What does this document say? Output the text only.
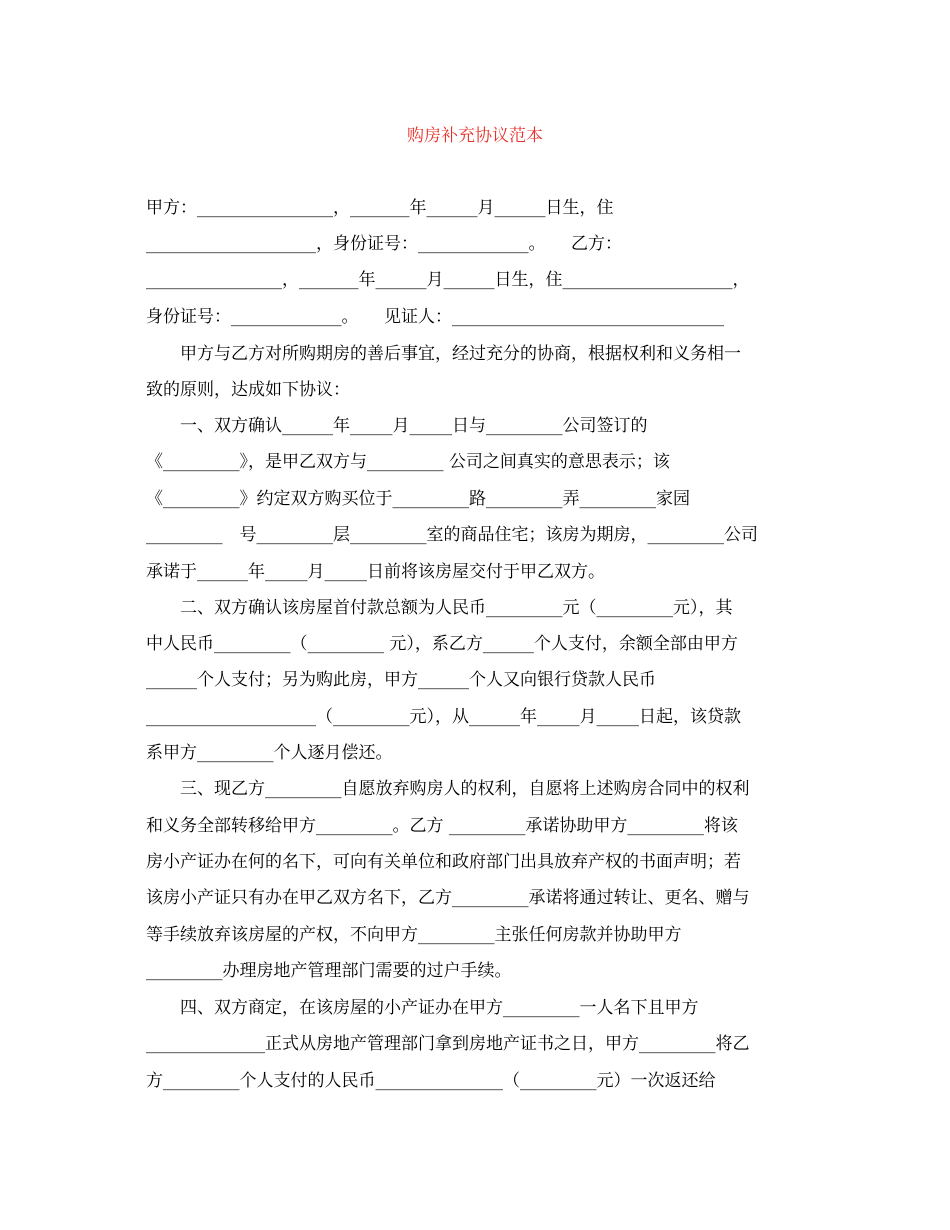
购房补充协议范本
甲方：________________，_______年______月______日生，住
____________________，身份证号：_____________。　　乙方：
________________，_______年______月______日生，住____________________，
身份证号：_____________。　　见证人：________________________________
　　甲方与乙方对所购期房的善后事宜，经过充分的协商，根据权利和义务相一
致的原则，达成如下协议：
　　一、双方确认______年_____月_____日与_________公司签订的
《_________》，是甲乙双方与_________ 公司之间真实的意思表示；该
《_________》约定双方购买位于_________路_________弄_________家园
_________　号_________层_________室的商品住宅；该房为期房，_________公司
承诺于______年_____月_____日前将该房屋交付于甲乙双方。
　　二、双方确认该房屋首付款总额为人民币_________元（_________元），其
中人民币_________（_________ 元），系乙方______个人支付，余额全部由甲方
______个人支付；另为购此房，甲方______个人又向银行贷款人民币
____________________（_________元），从______年_____月_____日起，该贷款
系甲方_________个人逐月偿还。
　　三、现乙方_________自愿放弃购房人的权利，自愿将上述购房合同中的权利
和义务全部转移给甲方_________。乙方 _________承诺协助甲方_________将该
房小产证办在何的名下，可向有关单位和政府部门出具放弃产权的书面声明；若
该房小产证只有办在甲乙双方名下，乙方_________承诺将通过转让、更名、赠与
等手续放弃该房屋的产权，不向甲方_________主张任何房款并协助甲方
_________办理房地产管理部门需要的过户手续。
　　四、双方商定，在该房屋的小产证办在甲方_________一人名下且甲方
______________正式从房地产管理部门拿到房地产证书之日，甲方_________将乙
方_________个人支付的人民币_______________（_________元）一次返还给
